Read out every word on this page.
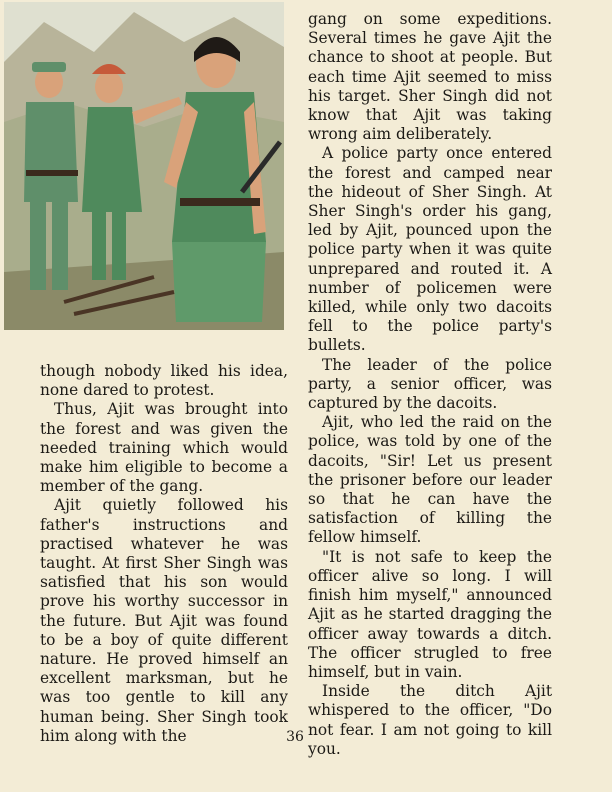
though nobody liked his idea, none dared to protest.

Thus, Ajit was brought into the forest and was given the needed training which would make him eligible to become a member of the gang.

Ajit quietly followed his father's instructions and practised whatever he was taught. At first Sher Singh was satisfied that his son would prove his worthy successor in the future. But Ajit was found to be a boy of quite different nature. He proved himself an excellent marksman, but he was too gentle to kill any human being. Sher Singh took him along with the

gang on some expeditions. Several times he gave Ajit the chance to shoot at people. But each time Ajit seemed to miss his target. Sher Singh did not know that Ajit was taking wrong aim deliberately.

A police party once entered the forest and camped near the hideout of Sher Singh. At Sher Singh's order his gang, led by Ajit, pounced upon the police party when it was quite unprepared and routed it. A number of policemen were killed, while only two dacoits fell to the police party's bullets.

The leader of the police party, a senior officer, was captured by the dacoits.

Ajit, who led the raid on the police, was told by one of the dacoits, "Sir! Let us present the prisoner before our leader so that he can have the satisfaction of killing the fellow himself.

"It is not safe to keep the officer alive so long. I will finish him myself," announced Ajit as he started dragging the officer away towards a ditch. The officer strugled to free himself, but in vain.

Inside the ditch Ajit whispered to the officer, "Do not fear. I am not going to kill you.

36
